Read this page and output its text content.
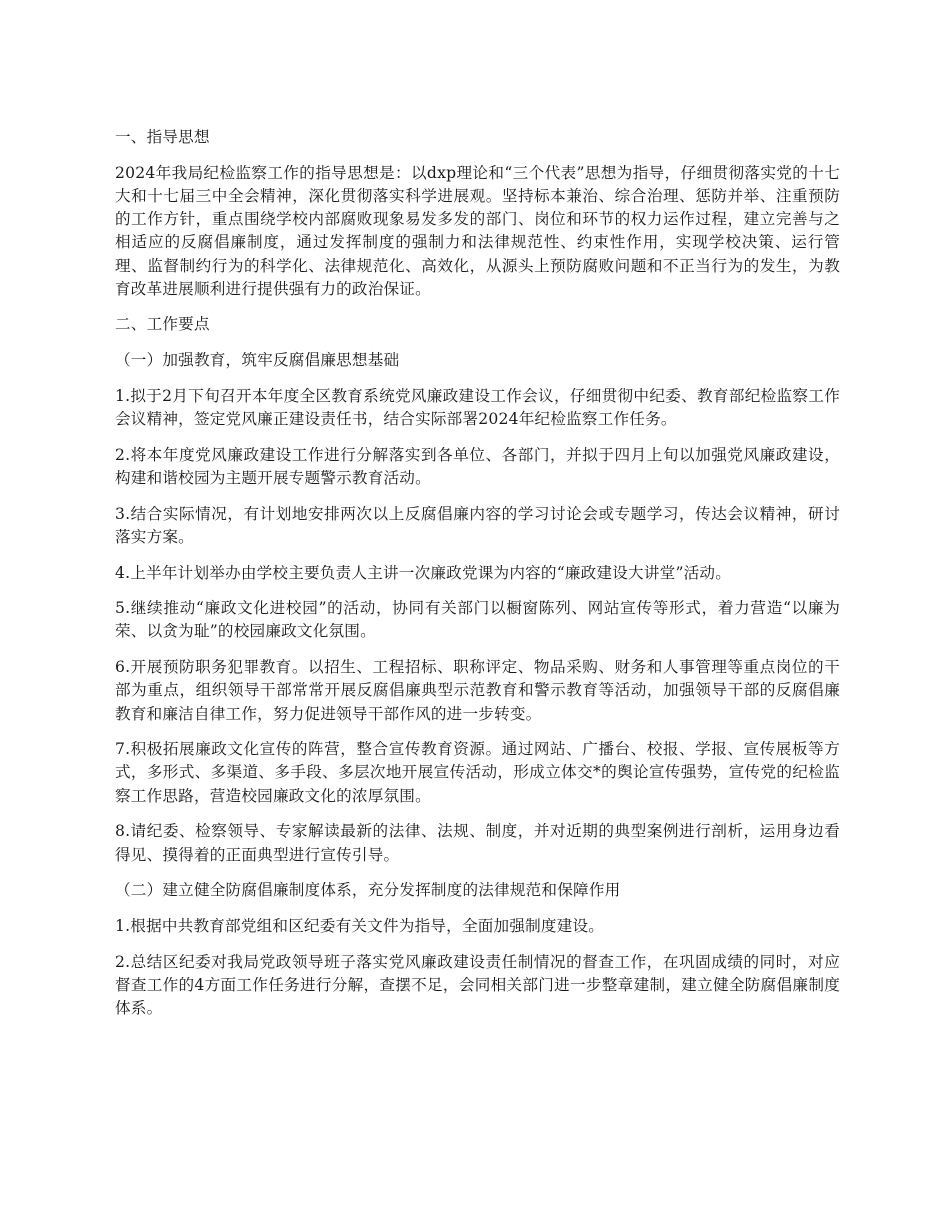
一、指导思想

2024年我局纪检监察工作的指导思想是：以dxp理论和“三个代表”思想为指导，仔细贯彻落实党的十七大和十七届三中全会精神，深化贯彻落实科学进展观。坚持标本兼治、综合治理、惩防并举、注重预防的工作方针，重点围绕学校内部腐败现象易发多发的部门、岗位和环节的权力运作过程，建立完善与之相适应的反腐倡廉制度，通过发挥制度的强制力和法律规范性、约束性作用，实现学校决策、运行管理、监督制约行为的科学化、法律规范化、高效化，从源头上预防腐败问题和不正当行为的发生，为教育改革进展顺利进行提供强有力的政治保证。

二、工作要点

（一）加强教育，筑牢反腐倡廉思想基础

1.拟于2月下旬召开本年度全区教育系统党风廉政建设工作会议，仔细贯彻中纪委、教育部纪检监察工作会议精神，签定党风廉正建设责任书，结合实际部署2024年纪检监察工作任务。

2.将本年度党风廉政建设工作进行分解落实到各单位、各部门，并拟于四月上旬以加强党风廉政建设，构建和谐校园为主题开展专题警示教育活动。

3.结合实际情况，有计划地安排两次以上反腐倡廉内容的学习讨论会或专题学习，传达会议精神，研讨落实方案。

4.上半年计划举办由学校主要负责人主讲一次廉政党课为内容的“廉政建设大讲堂”活动。

5.继续推动“廉政文化进校园”的活动，协同有关部门以橱窗陈列、网站宣传等形式，着力营造“以廉为荣、以贪为耻”的校园廉政文化氛围。

6.开展预防职务犯罪教育。以招生、工程招标、职称评定、物品采购、财务和人事管理等重点岗位的干部为重点，组织领导干部常常开展反腐倡廉典型示范教育和警示教育等活动，加强领导干部的反腐倡廉教育和廉洁自律工作，努力促进领导干部作风的进一步转变。

7.积极拓展廉政文化宣传的阵营，整合宣传教育资源。通过网站、广播台、校报、学报、宣传展板等方式，多形式、多渠道、多手段、多层次地开展宣传活动，形成立体交*的舆论宣传强势，宣传党的纪检监察工作思路，营造校园廉政文化的浓厚氛围。

8.请纪委、检察领导、专家解读最新的法律、法规、制度，并对近期的典型案例进行剖析，运用身边看得见、摸得着的正面典型进行宣传引导。

（二）建立健全防腐倡廉制度体系，充分发挥制度的法律规范和保障作用

1.根据中共教育部党组和区纪委有关文件为指导，全面加强制度建设。

2.总结区纪委对我局党政领导班子落实党风廉政建设责任制情况的督查工作，在巩固成绩的同时，对应督查工作的4方面工作任务进行分解，查摆不足，会同相关部门进一步整章建制，建立健全防腐倡廉制度体系。
